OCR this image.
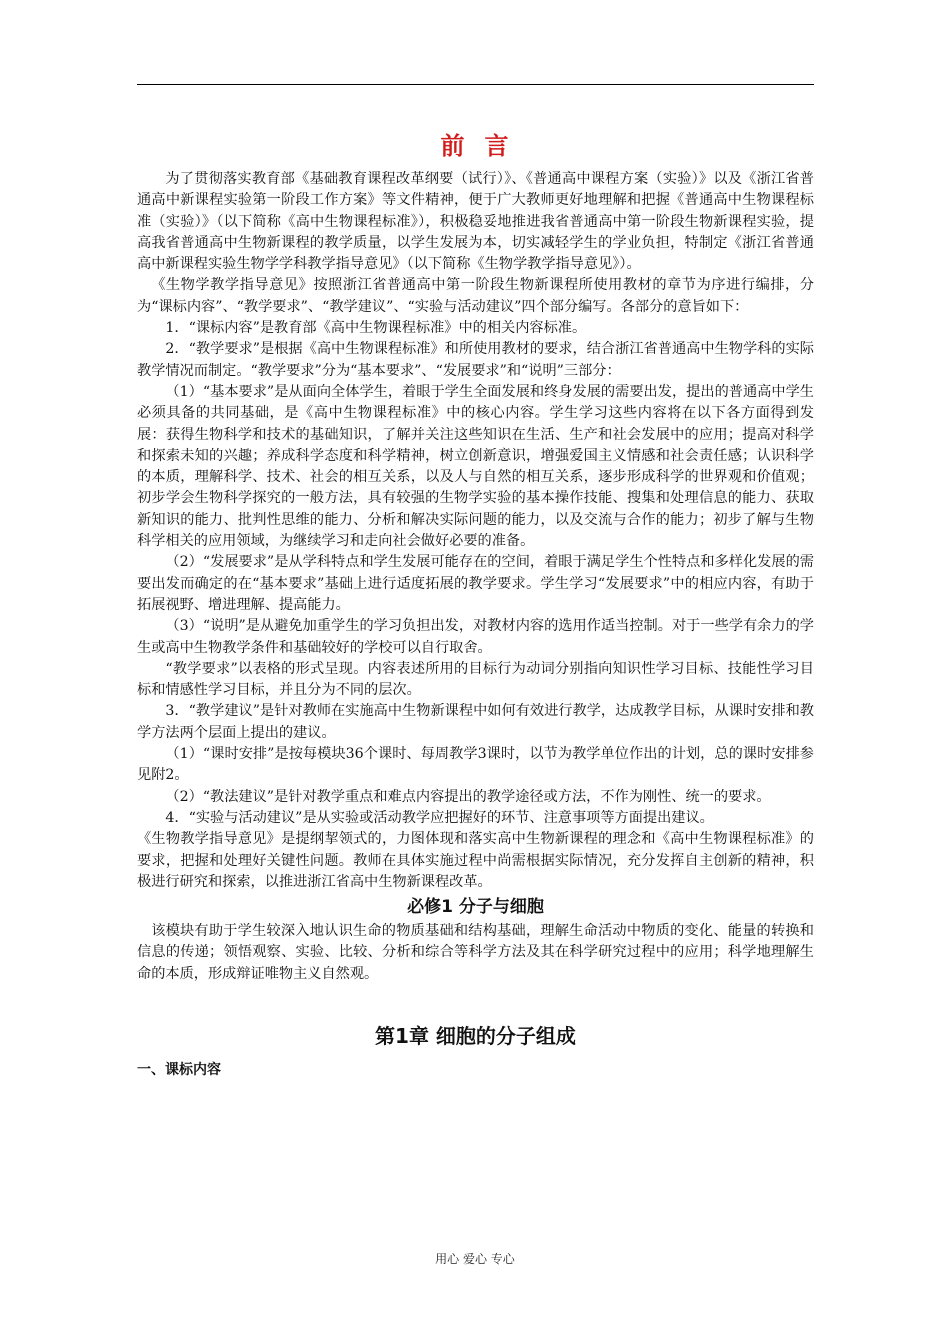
前言

为了贯彻落实教育部《基础教育课程改革纲要（试行）》、《普通高中课程方案（实验）》以及《浙江省普通高中新课程实验第一阶段工作方案》等文件精神，便于广大教师更好地理解和把握《普通高中生物课程标准（实验）》（以下简称《高中生物课程标准》），积极稳妥地推进我省普通高中第一阶段生物新课程实验，提高我省普通高中生物新课程的教学质量，以学生发展为本，切实减轻学生的学业负担，特制定《浙江省普通高中新课程实验生物学学科教学指导意见》（以下简称《生物学教学指导意见》）。

《生物学教学指导意见》按照浙江省普通高中第一阶段生物新课程所使用教材的章节为序进行编排，分为“课标内容”、“教学要求”、“教学建议”、“实验与活动建议”四个部分编写。各部分的意旨如下：

1．“课标内容”是教育部《高中生物课程标准》中的相关内容标准。

2．“教学要求”是根据《高中生物课程标准》和所使用教材的要求，结合浙江省普通高中生物学科的实际教学情况而制定。“教学要求”分为“基本要求”、“发展要求”和“说明”三部分：

（1）“基本要求”是从面向全体学生，着眼于学生全面发展和终身发展的需要出发，提出的普通高中学生必须具备的共同基础，是《高中生物课程标准》中的核心内容。学生学习这些内容将在以下各方面得到发展：获得生物科学和技术的基础知识，了解并关注这些知识在生活、生产和社会发展中的应用；提高对科学和探索未知的兴趣；养成科学态度和科学精神，树立创新意识，增强爱国主义情感和社会责任感；认识科学的本质，理解科学、技术、社会的相互关系，以及人与自然的相互关系，逐步形成科学的世界观和价值观；初步学会生物科学探究的一般方法，具有较强的生物学实验的基本操作技能、搜集和处理信息的能力、获取新知识的能力、批判性思维的能力、分析和解决实际问题的能力，以及交流与合作的能力；初步了解与生物科学相关的应用领域，为继续学习和走向社会做好必要的准备。

（2）“发展要求”是从学科特点和学生发展可能存在的空间，着眼于满足学生个性特点和多样化发展的需要出发而确定的在“基本要求”基础上进行适度拓展的教学要求。学生学习“发展要求”中的相应内容，有助于拓展视野、增进理解、提高能力。

（3）“说明”是从避免加重学生的学习负担出发，对教材内容的选用作适当控制。对于一些学有余力的学生或高中生物教学条件和基础较好的学校可以自行取舍。

“教学要求”以表格的形式呈现。内容表述所用的目标行为动词分别指向知识性学习目标、技能性学习目标和情感性学习目标，并且分为不同的层次。

3．“教学建议”是针对教师在实施高中生物新课程中如何有效进行教学，达成教学目标，从课时安排和教学方法两个层面上提出的建议。

（1）“课时安排”是按每模块36个课时、每周教学3课时，以节为教学单位作出的计划，总的课时安排参见附2。

（2）“教法建议”是针对教学重点和难点内容提出的教学途径或方法，不作为刚性、统一的要求。

4．“实验与活动建议”是从实验或活动教学应把握好的环节、注意事项等方面提出建议。

《生物教学指导意见》是提纲挈领式的，力图体现和落实高中生物新课程的理念和《高中生物课程标准》的要求，把握和处理好关键性问题。教师在具体实施过程中尚需根据实际情况，充分发挥自主创新的精神，积极进行研究和探索，以推进浙江省高中生物新课程改革。

必修1 分子与细胞

该模块有助于学生较深入地认识生命的物质基础和结构基础，理解生命活动中物质的变化、能量的转换和信息的传递；领悟观察、实验、比较、分析和综合等科学方法及其在科学研究过程中的应用；科学地理解生命的本质，形成辩证唯物主义自然观。

第1章 细胞的分子组成

一、课标内容

用心 爱心 专心
